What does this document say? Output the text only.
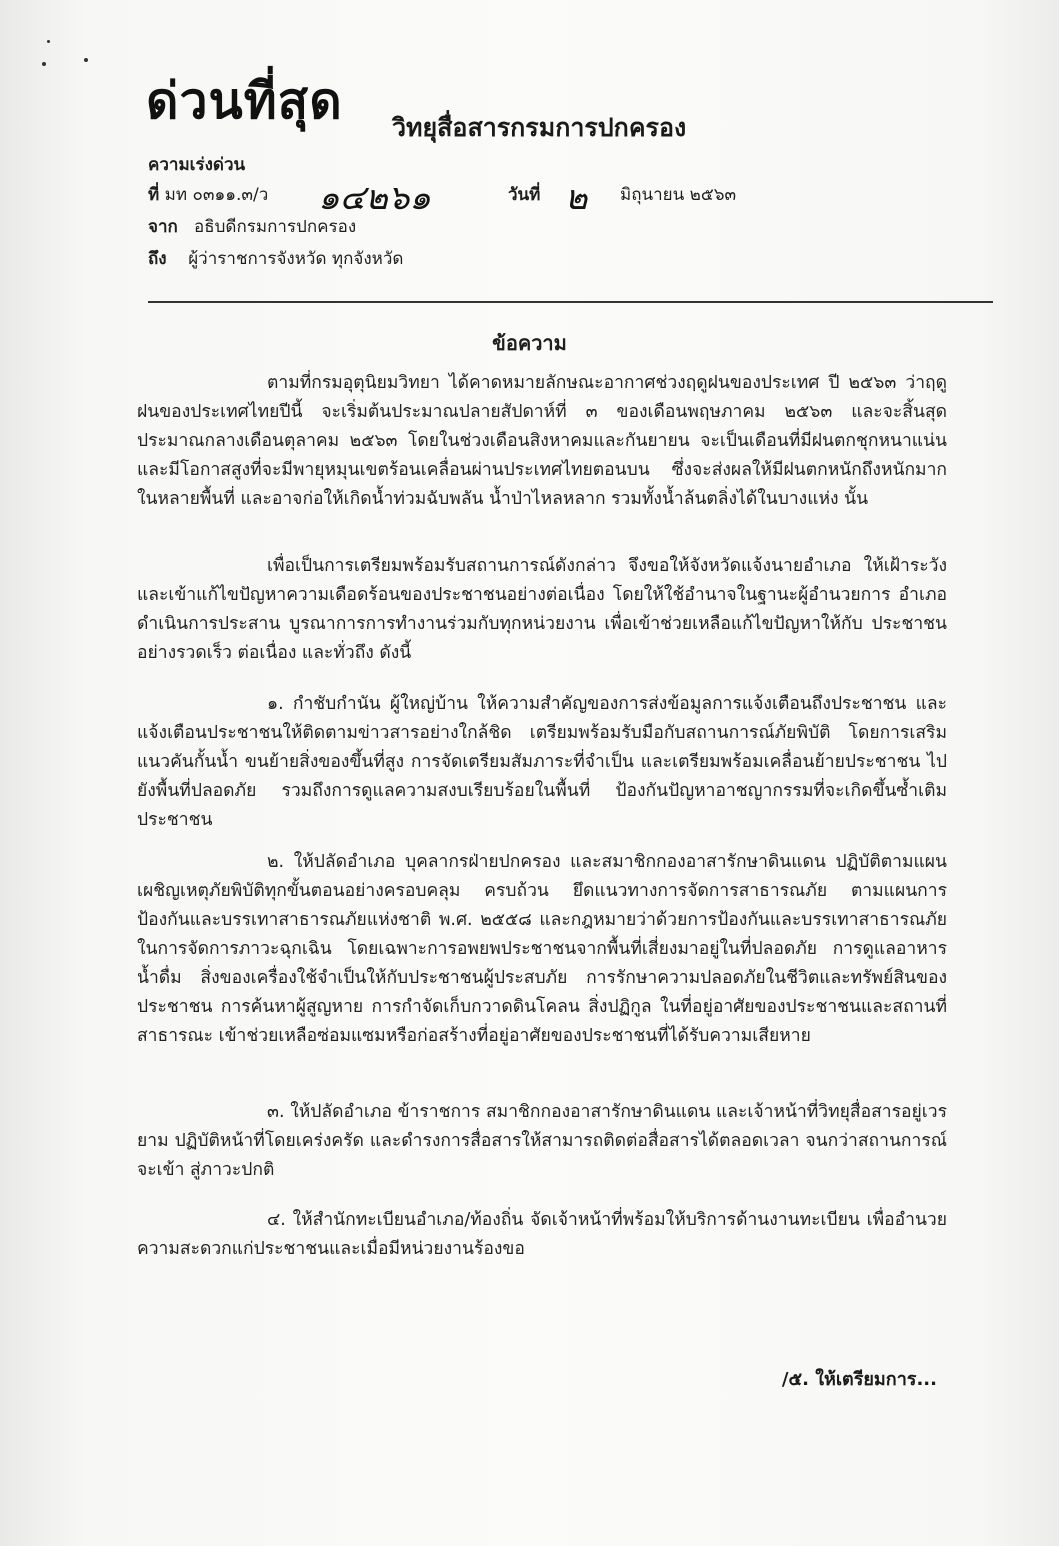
ด่วนที่สุด วิทยุสื่อสารกรมการปกครอง
ความเร่งด่วน
ที่ มท ๐๓๑๑.๓/ว ๑๔๒๖๑	วันที่ ๒ มิถุนายน ๒๕๖๓
จาก อธิบดีกรมการปกครอง
ถึง ผู้ว่าราชการจังหวัด ทุกจังหวัด
ข้อความ
ตามที่กรมอุตุนิยมวิทยา ได้คาดหมายลักษณะอากาศช่วงฤดูฝนของประเทศ ปี ๒๕๖๓ ว่าฤดูฝนของประเทศไทยปีนี้ จะเริ่มต้นประมาณปลายสัปดาห์ที่ ๓ ของเดือนพฤษภาคม ๒๕๖๓ และจะสิ้นสุดประมาณกลางเดือนตุลาคม ๒๕๖๓ โดยในช่วงเดือนสิงหาคมและกันยายน จะเป็นเดือนที่มีฝนตกชุกหนาแน่น และมีโอกาสสูงที่จะมีพายุหมุนเขตร้อนเคลื่อนผ่านประเทศไทยตอนบน ซึ่งจะส่งผลให้มีฝนตกหนักถึงหนักมาก ในหลายพื้นที่ และอาจก่อให้เกิดน้ำท่วมฉับพลัน น้ำป่าไหลหลาก รวมทั้งน้ำล้นตลิ่งได้ในบางแห่ง นั้น
เพื่อเป็นการเตรียมพร้อมรับสถานการณ์ดังกล่าว จึงขอให้จังหวัดแจ้งนายอำเภอ ให้เฝ้าระวัง และเข้าแก้ไขปัญหาความเดือดร้อนของประชาชนอย่างต่อเนื่อง โดยให้ใช้อำนาจในฐานะผู้อำนวยการ อำเภอ ดำเนินการประสาน บูรณาการการทำงานร่วมกับทุกหน่วยงาน เพื่อเข้าช่วยเหลือแก้ไขปัญหาให้กับ ประชาชนอย่างรวดเร็ว ต่อเนื่อง และทั่วถึง ดังนี้
๑. กำชับกำนัน ผู้ใหญ่บ้าน ให้ความสำคัญของการส่งข้อมูลการแจ้งเตือนถึงประชาชน และ แจ้งเตือนประชาชนให้ติดตามข่าวสารอย่างใกล้ชิด เตรียมพร้อมรับมือกับสถานการณ์ภัยพิบัติ โดยการเสริม แนวคันกั้นน้ำ ขนย้ายสิ่งของขึ้นที่สูง การจัดเตรียมสัมภาระที่จำเป็น และเตรียมพร้อมเคลื่อนย้ายประชาชน ไปยังพื้นที่ปลอดภัย รวมถึงการดูแลความสงบเรียบร้อยในพื้นที่ ป้องกันปัญหาอาชญากรรมที่จะเกิดขึ้นซ้ำเติม ประชาชน
๒. ให้ปลัดอำเภอ บุคลากรฝ่ายปกครอง และสมาชิกกองอาสารักษาดินแดน ปฏิบัติตามแผน เผชิญเหตุภัยพิบัติทุกขั้นตอนอย่างครอบคลุม ครบถ้วน ยึดแนวทางการจัดการสาธารณภัย ตามแผนการ ป้องกันและบรรเทาสาธารณภัยแห่งชาติ พ.ศ. ๒๕๕๘ และกฎหมายว่าด้วยการป้องกันและบรรเทาสาธารณภัย ในการจัดการภาวะฉุกเฉิน โดยเฉพาะการอพยพประชาชนจากพื้นที่เสี่ยงมาอยู่ในที่ปลอดภัย การดูแลอาหาร น้ำดื่ม สิ่งของเครื่องใช้จำเป็นให้กับประชาชนผู้ประสบภัย การรักษาความปลอดภัยในชีวิตและทรัพย์สินของ ประชาชน การค้นหาผู้สูญหาย การกำจัดเก็บกวาดดินโคลน สิ่งปฏิกูล ในที่อยู่อาศัยของประชาชนและสถานที่ สาธารณะ เข้าช่วยเหลือซ่อมแซมหรือก่อสร้างที่อยู่อาศัยของประชาชนที่ได้รับความเสียหาย
๓. ให้ปลัดอำเภอ ข้าราชการ สมาชิกกองอาสารักษาดินแดน และเจ้าหน้าที่วิทยุสื่อสารอยู่เวรยาม ปฏิบัติหน้าที่โดยเคร่งครัด และดำรงการสื่อสารให้สามารถติดต่อสื่อสารได้ตลอดเวลา จนกว่าสถานการณ์จะเข้า สู่ภาวะปกติ
๔. ให้สำนักทะเบียนอำเภอ/ท้องถิ่น จัดเจ้าหน้าที่พร้อมให้บริการด้านงานทะเบียน เพื่ออำนวยความสะดวกแก่ประชาชนและเมื่อมีหน่วยงานร้องขอ
/๕. ให้เตรียมการ...
